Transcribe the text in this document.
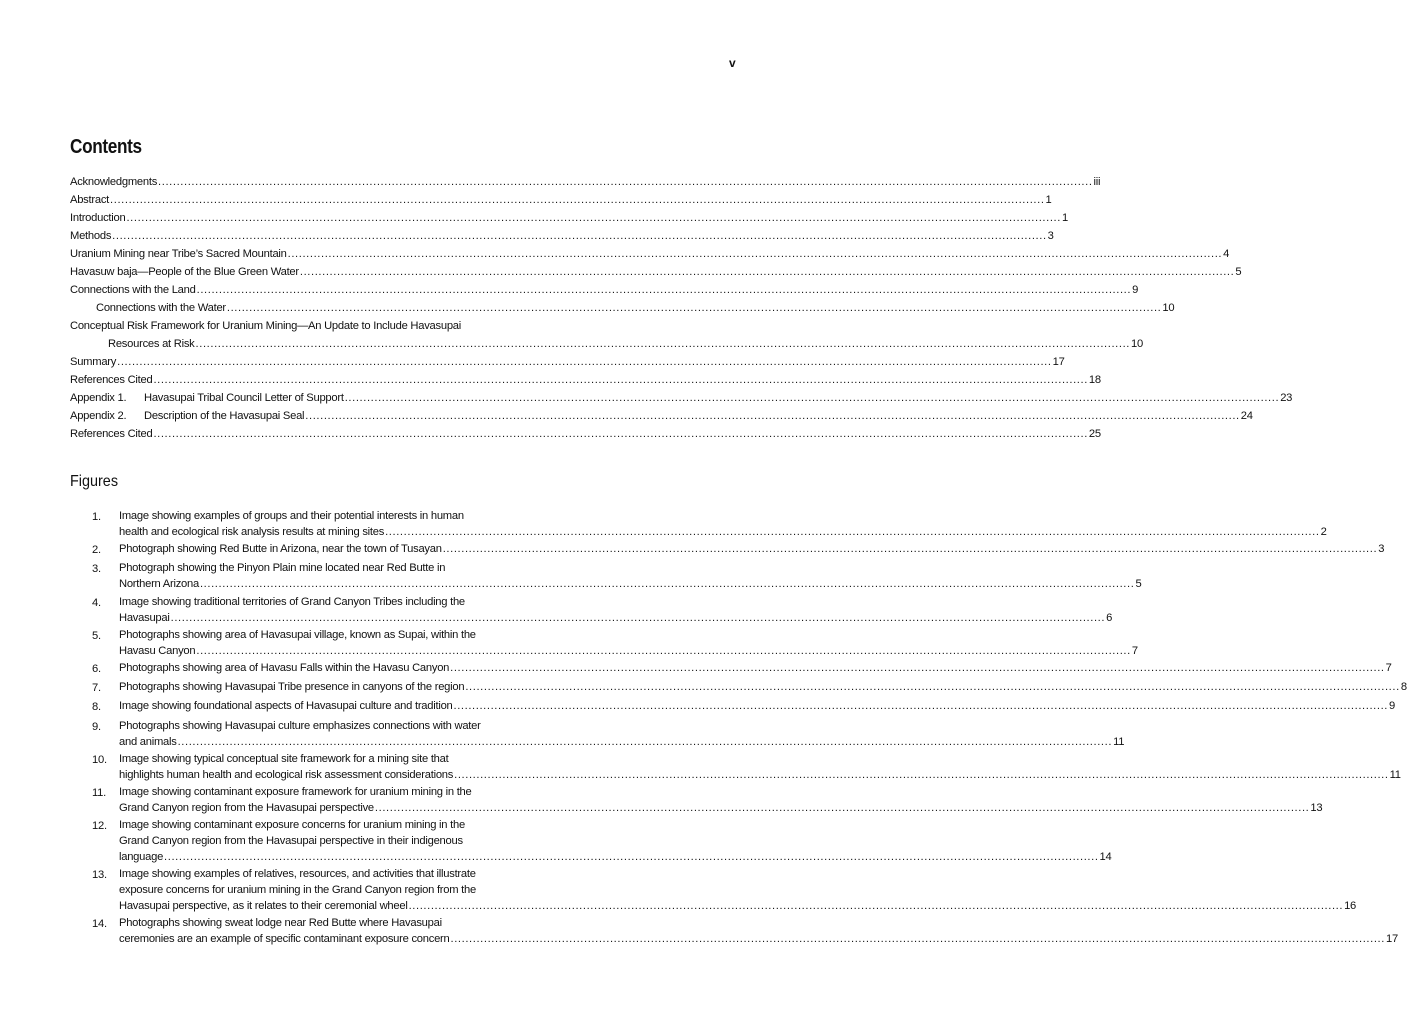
v
Contents
Acknowledgments .....	iii
Abstract .....	1
Introduction .....	1
Methods .....	3
Uranium Mining near Tribe’s Sacred Mountain .....	4
Havasuw baja—People of the Blue Green Water .....	5
Connections with the Land .....	9
Connections with the Water .....	10
Conceptual Risk Framework for Uranium Mining—An Update to Include Havasupai
Resources at Risk .....	10
Summary .....	17
References Cited .....	18
Appendix 1. Havasupai Tribal Council Letter of Support .....	23
Appendix 2. Description of the Havasupai Seal .....	24
References Cited .....	25
Figures
1.	Image showing examples of groups and their potential interests in human
health and ecological risk analysis results at mining sites .....	2
2.	Photograph showing Red Butte in Arizona, near the town of Tusayan .....	3
3.	Photograph showing the Pinyon Plain mine located near Red Butte in
Northern Arizona .....	5
4.	Image showing traditional territories of Grand Canyon Tribes including the
Havasupai .....	6
5.	Photographs showing area of Havasupai village, known as Supai, within the
Havasu Canyon .....	7
6.	Photographs showing area of Havasu Falls within the Havasu Canyon .....	7
7.	Photographs showing Havasupai Tribe presence in canyons of the region .....	8
8.	Image showing foundational aspects of Havasupai culture and tradition .....	9
9.	Photographs showing Havasupai culture emphasizes connections with water
and animals .....	11
10.	Image showing typical conceptual site framework for a mining site that
highlights human health and ecological risk assessment considerations .....	11
11.	Image showing contaminant exposure framework for uranium mining in the
Grand Canyon region from the Havasupai perspective .....	13
12.	Image showing contaminant exposure concerns for uranium mining in the
Grand Canyon region from the Havasupai perspective in their indigenous
language .....	14
13.	Image showing examples of relatives, resources, and activities that illustrate
exposure concerns for uranium mining in the Grand Canyon region from the
Havasupai perspective, as it relates to their ceremonial wheel .....	16
14.	Photographs showing sweat lodge near Red Butte where Havasupai
ceremonies are an example of specific contaminant exposure concern .....	17
